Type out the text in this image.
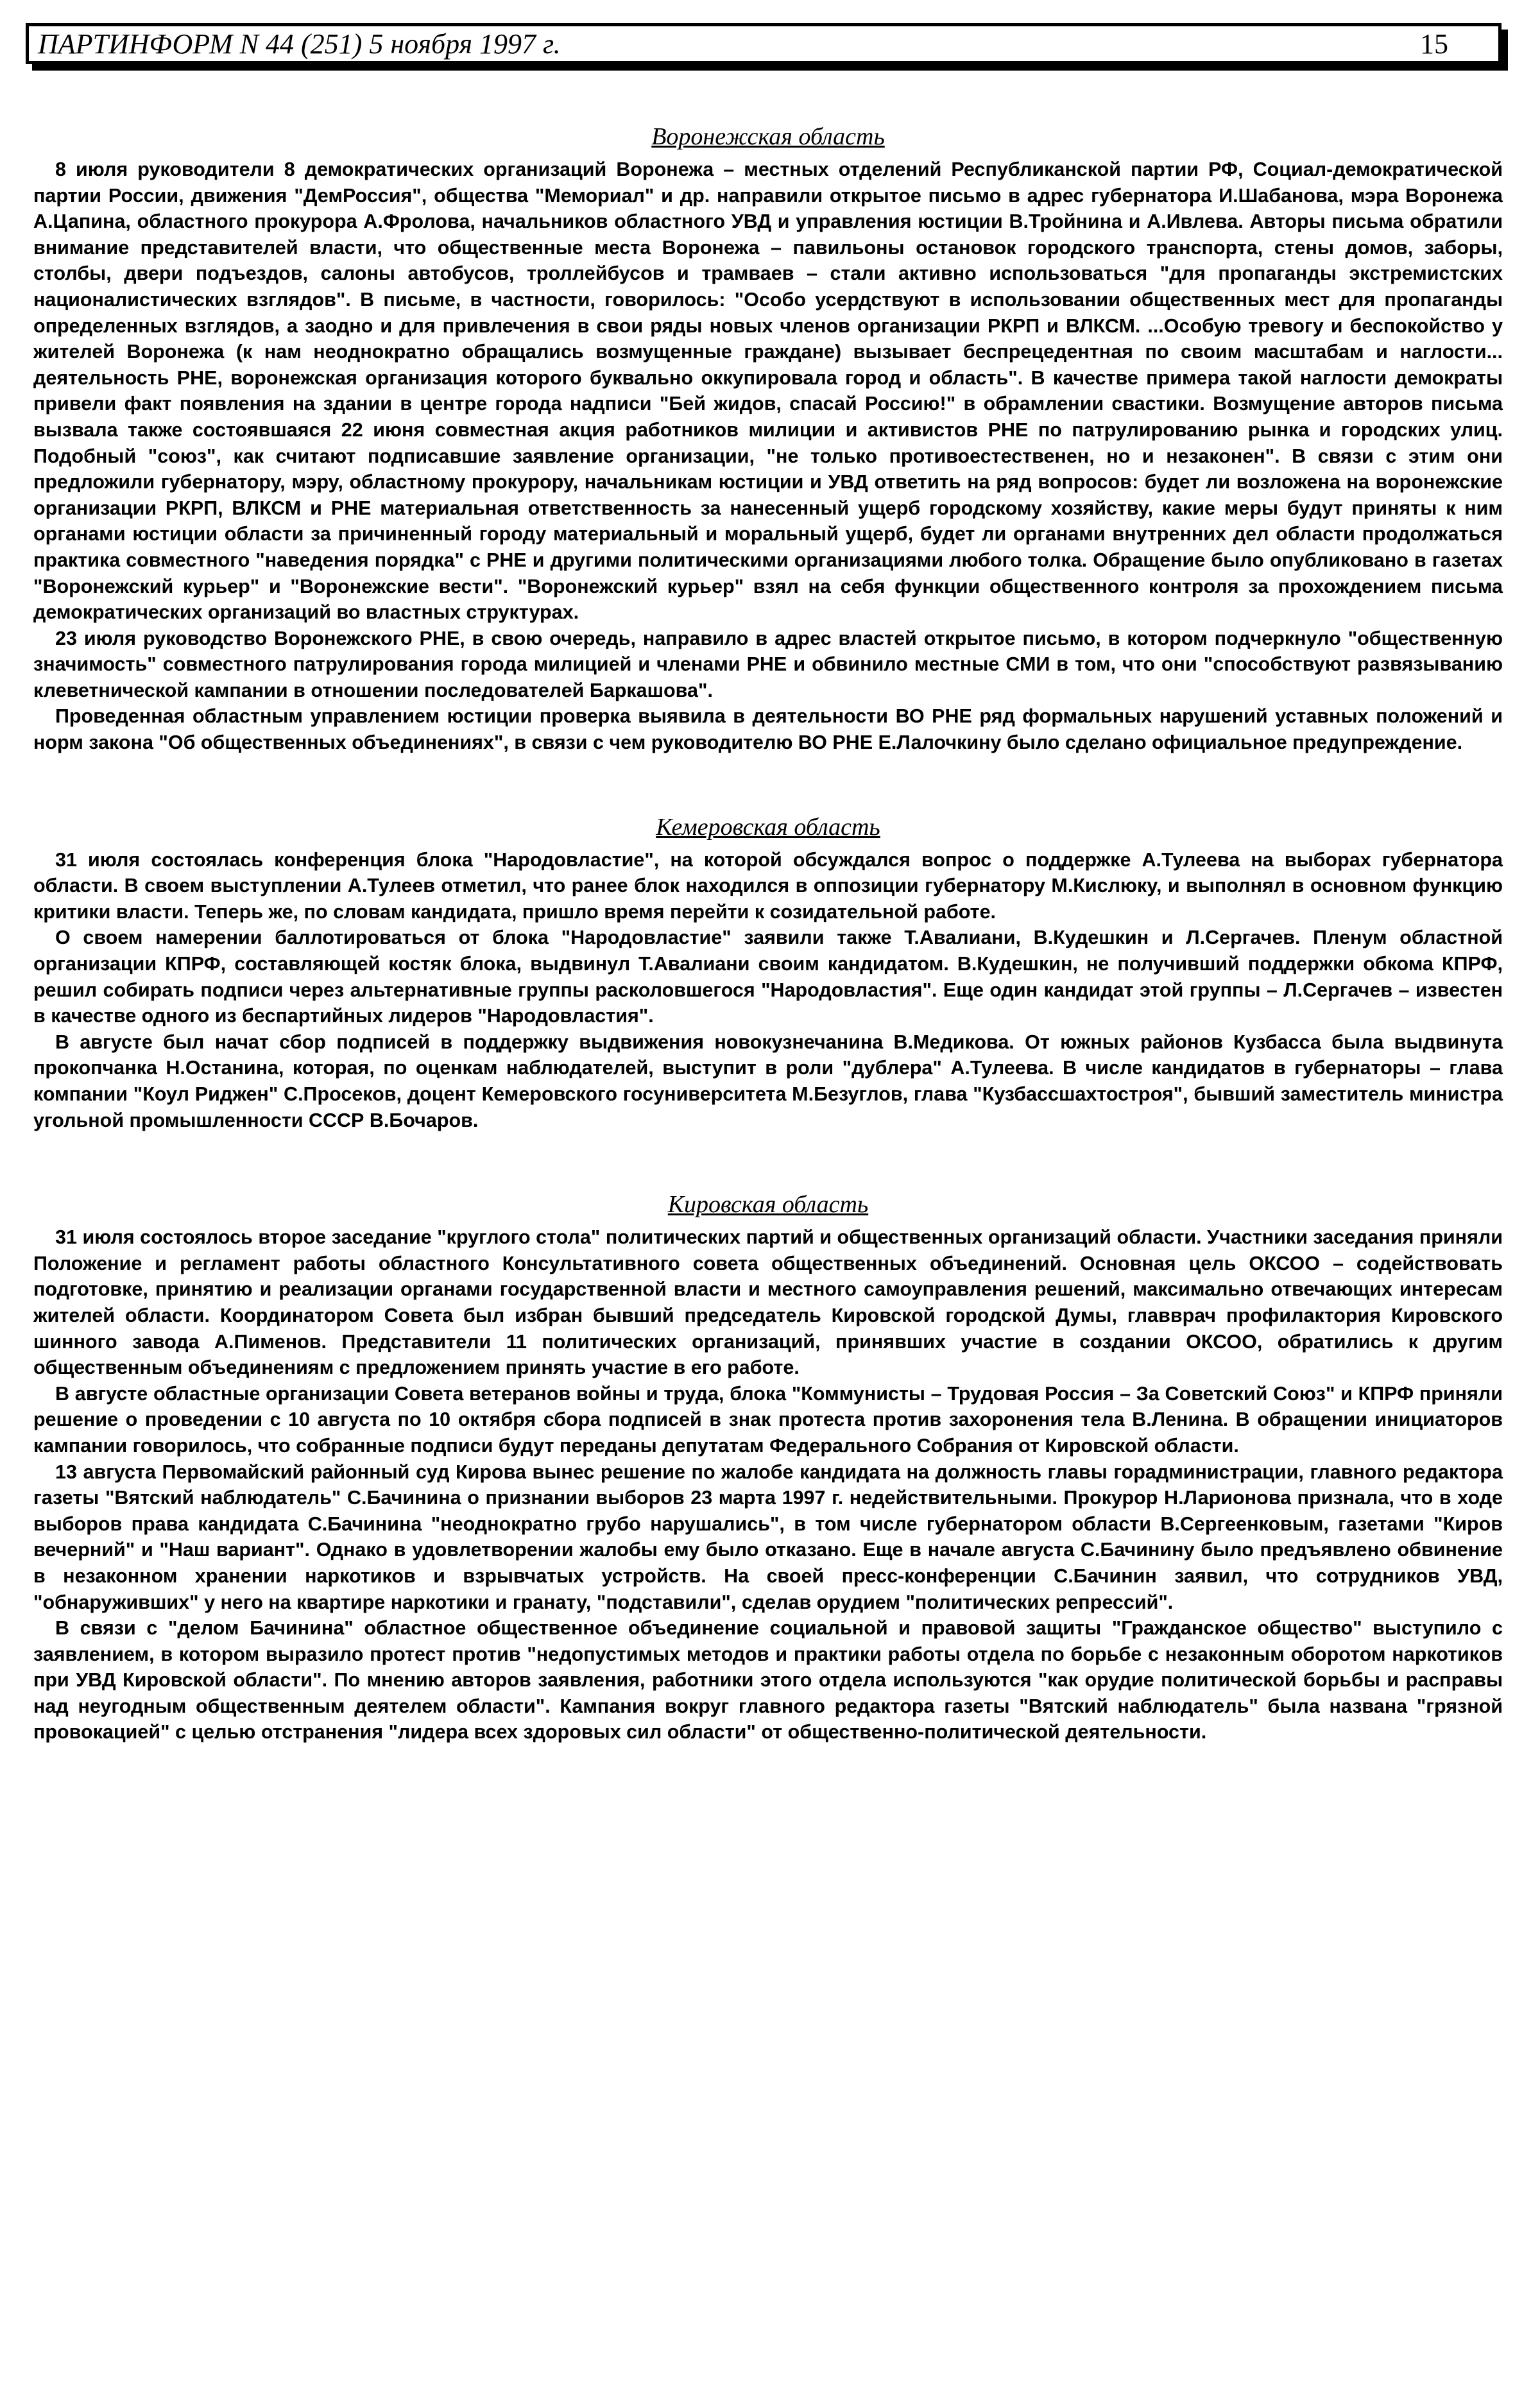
ПАРТИНФОРМ N 44 (251) 5 ноября 1997 г.	15
Воронежская область

8 июля руководители 8 демократических организаций Воронежа – местных отделений Республиканской партии РФ, Социал-демократической партии России, движения "ДемРоссия", общества "Мемориал" и др. направили открытое письмо в адрес губернатора И.Шабанова, мэра Воронежа А.Цапина, областного прокурора А.Фролова, начальников областного УВД и управления юстиции В.Тройнина и А.Ивлева. Авторы письма обратили внимание представителей власти, что общественные места Воронежа – павильоны остановок городского транспорта, стены домов, заборы, столбы, двери подъездов, салоны автобусов, троллейбусов и трамваев – стали активно использоваться "для пропаганды экстремистских националистических взглядов". В письме, в частности, говорилось: "Особо усердствуют в использовании общественных мест для пропаганды определенных взглядов, а заодно и для привлечения в свои ряды новых членов организации РКРП и ВЛКСМ. ...Особую тревогу и беспокойство у жителей Воронежа (к нам неоднократно обращались возмущенные граждане) вызывает беспрецедентная по своим масштабам и наглости... деятельность РНЕ, воронежская организация которого буквально оккупировала город и область". В качестве примера такой наглости демократы привели факт появления на здании в центре города надписи "Бей жидов, спасай Россию!" в обрамлении свастики. Возмущение авторов письма вызвала также состоявшаяся 22 июня совместная акция работников милиции и активистов РНЕ по патрулированию рынка и городских улиц. Подобный "союз", как считают подписавшие заявление организации, "не только противоестественен, но и незаконен". В связи с этим они предложили губернатору, мэру, областному прокурору, начальникам юстиции и УВД ответить на ряд вопросов: будет ли возложена на воронежские организации РКРП, ВЛКСМ и РНЕ материальная ответственность за нанесенный ущерб городскому хозяйству, какие меры будут приняты к ним органами юстиции области за причиненный городу материальный и моральный ущерб, будет ли органами внутренних дел области продолжаться практика совместного "наведения порядка" с РНЕ и другими политическими организациями любого толка. Обращение было опубликовано в газетах "Воронежский курьер" и "Воронежские вести". "Воронежский курьер" взял на себя функции общественного контроля за прохождением письма демократических организаций во властных структурах.

23 июля руководство Воронежского РНЕ, в свою очередь, направило в адрес властей открытое письмо, в котором подчеркнуло "общественную значимость" совместного патрулирования города милицией и членами РНЕ и обвинило местные СМИ в том, что они "способствуют развязыванию клеветнической кампании в отношении последователей Баркашова".

Проведенная областным управлением юстиции проверка выявила в деятельности ВО РНЕ ряд формальных нарушений уставных положений и норм закона "Об общественных объединениях", в связи с чем руководителю ВО РНЕ Е.Лалочкину было сделано официальное предупреждение.

Кемеровская область

31 июля состоялась конференция блока "Народовластие", на которой обсуждался вопрос о поддержке А.Тулеева на выборах губернатора области. В своем выступлении А.Тулеев отметил, что ранее блок находился в оппозиции губернатору М.Кислюку, и выполнял в основном функцию критики власти. Теперь же, по словам кандидата, пришло время перейти к созидательной работе.

О своем намерении баллотироваться от блока "Народовластие" заявили также Т.Авалиани, В.Кудешкин и Л.Сергачев. Пленум областной организации КПРФ, составляющей костяк блока, выдвинул Т.Авалиани своим кандидатом. В.Кудешкин, не получивший поддержки обкома КПРФ, решил собирать подписи через альтернативные группы расколовшегося "Народовластия". Еще один кандидат этой группы – Л.Сергачев – известен в качестве одного из беспартийных лидеров "Народовластия".

В августе был начат сбор подписей в поддержку выдвижения новокузнечанина В.Медикова. От южных районов Кузбасса была выдвинута прокопчанка Н.Останина, которая, по оценкам наблюдателей, выступит в роли "дублера" А.Тулеева. В числе кандидатов в губернаторы – глава компании "Коул Риджен" С.Просеков, доцент Кемеровского госуниверситета М.Безуглов, глава "Кузбассшахтостроя", бывший заместитель министра угольной промышленности СССР В.Бочаров.

Кировская область

31 июля состоялось второе заседание "круглого стола" политических партий и общественных организаций области. Участники заседания приняли Положение и регламент работы областного Консультативного совета общественных объединений. Основная цель ОКСОО – содействовать подготовке, принятию и реализации органами государственной власти и местного самоуправления решений, максимально отвечающих интересам жителей области. Координатором Совета был избран бывший председатель Кировской городской Думы, главврач профилактория Кировского шинного завода А.Пименов. Представители 11 политических организаций, принявших участие в создании ОКСОО, обратились к другим общественным объединениям с предложением принять участие в его работе.

В августе областные организации Совета ветеранов войны и труда, блока "Коммунисты – Трудовая Россия – За Советский Союз" и КПРФ приняли решение о проведении с 10 августа по 10 октября сбора подписей в знак протеста против захоронения тела В.Ленина. В обращении инициаторов кампании говорилось, что собранные подписи будут переданы депутатам Федерального Собрания от Кировской области.

13 августа Первомайский районный суд Кирова вынес решение по жалобе кандидата на должность главы горадминистрации, главного редактора газеты "Вятский наблюдатель" С.Бачинина о признании выборов 23 марта 1997 г. недействительными. Прокурор Н.Ларионова признала, что в ходе выборов права кандидата С.Бачинина "неоднократно грубо нарушались", в том числе губернатором области В.Сергеенковым, газетами "Киров вечерний" и "Наш вариант". Однако в удовлетворении жалобы ему было отказано. Еще в начале августа С.Бачинину было предъявлено обвинение в незаконном хранении наркотиков и взрывчатых устройств. На своей пресс-конференции С.Бачинин заявил, что сотрудников УВД, "обнаруживших" у него на квартире наркотики и гранату, "подставили", сделав орудием "политических репрессий".

В связи с "делом Бачинина" областное общественное объединение социальной и правовой защиты "Гражданское общество" выступило с заявлением, в котором выразило протест против "недопустимых методов и практики работы отдела по борьбе с незаконным оборотом наркотиков при УВД Кировской области". По мнению авторов заявления, работники этого отдела используются "как орудие политической борьбы и расправы над неугодным общественным деятелем области". Кампания вокруг главного редактора газеты "Вятский наблюдатель" была названа "грязной провокацией" с целью отстранения "лидера всех здоровых сил области" от общественно-политической деятельности.
